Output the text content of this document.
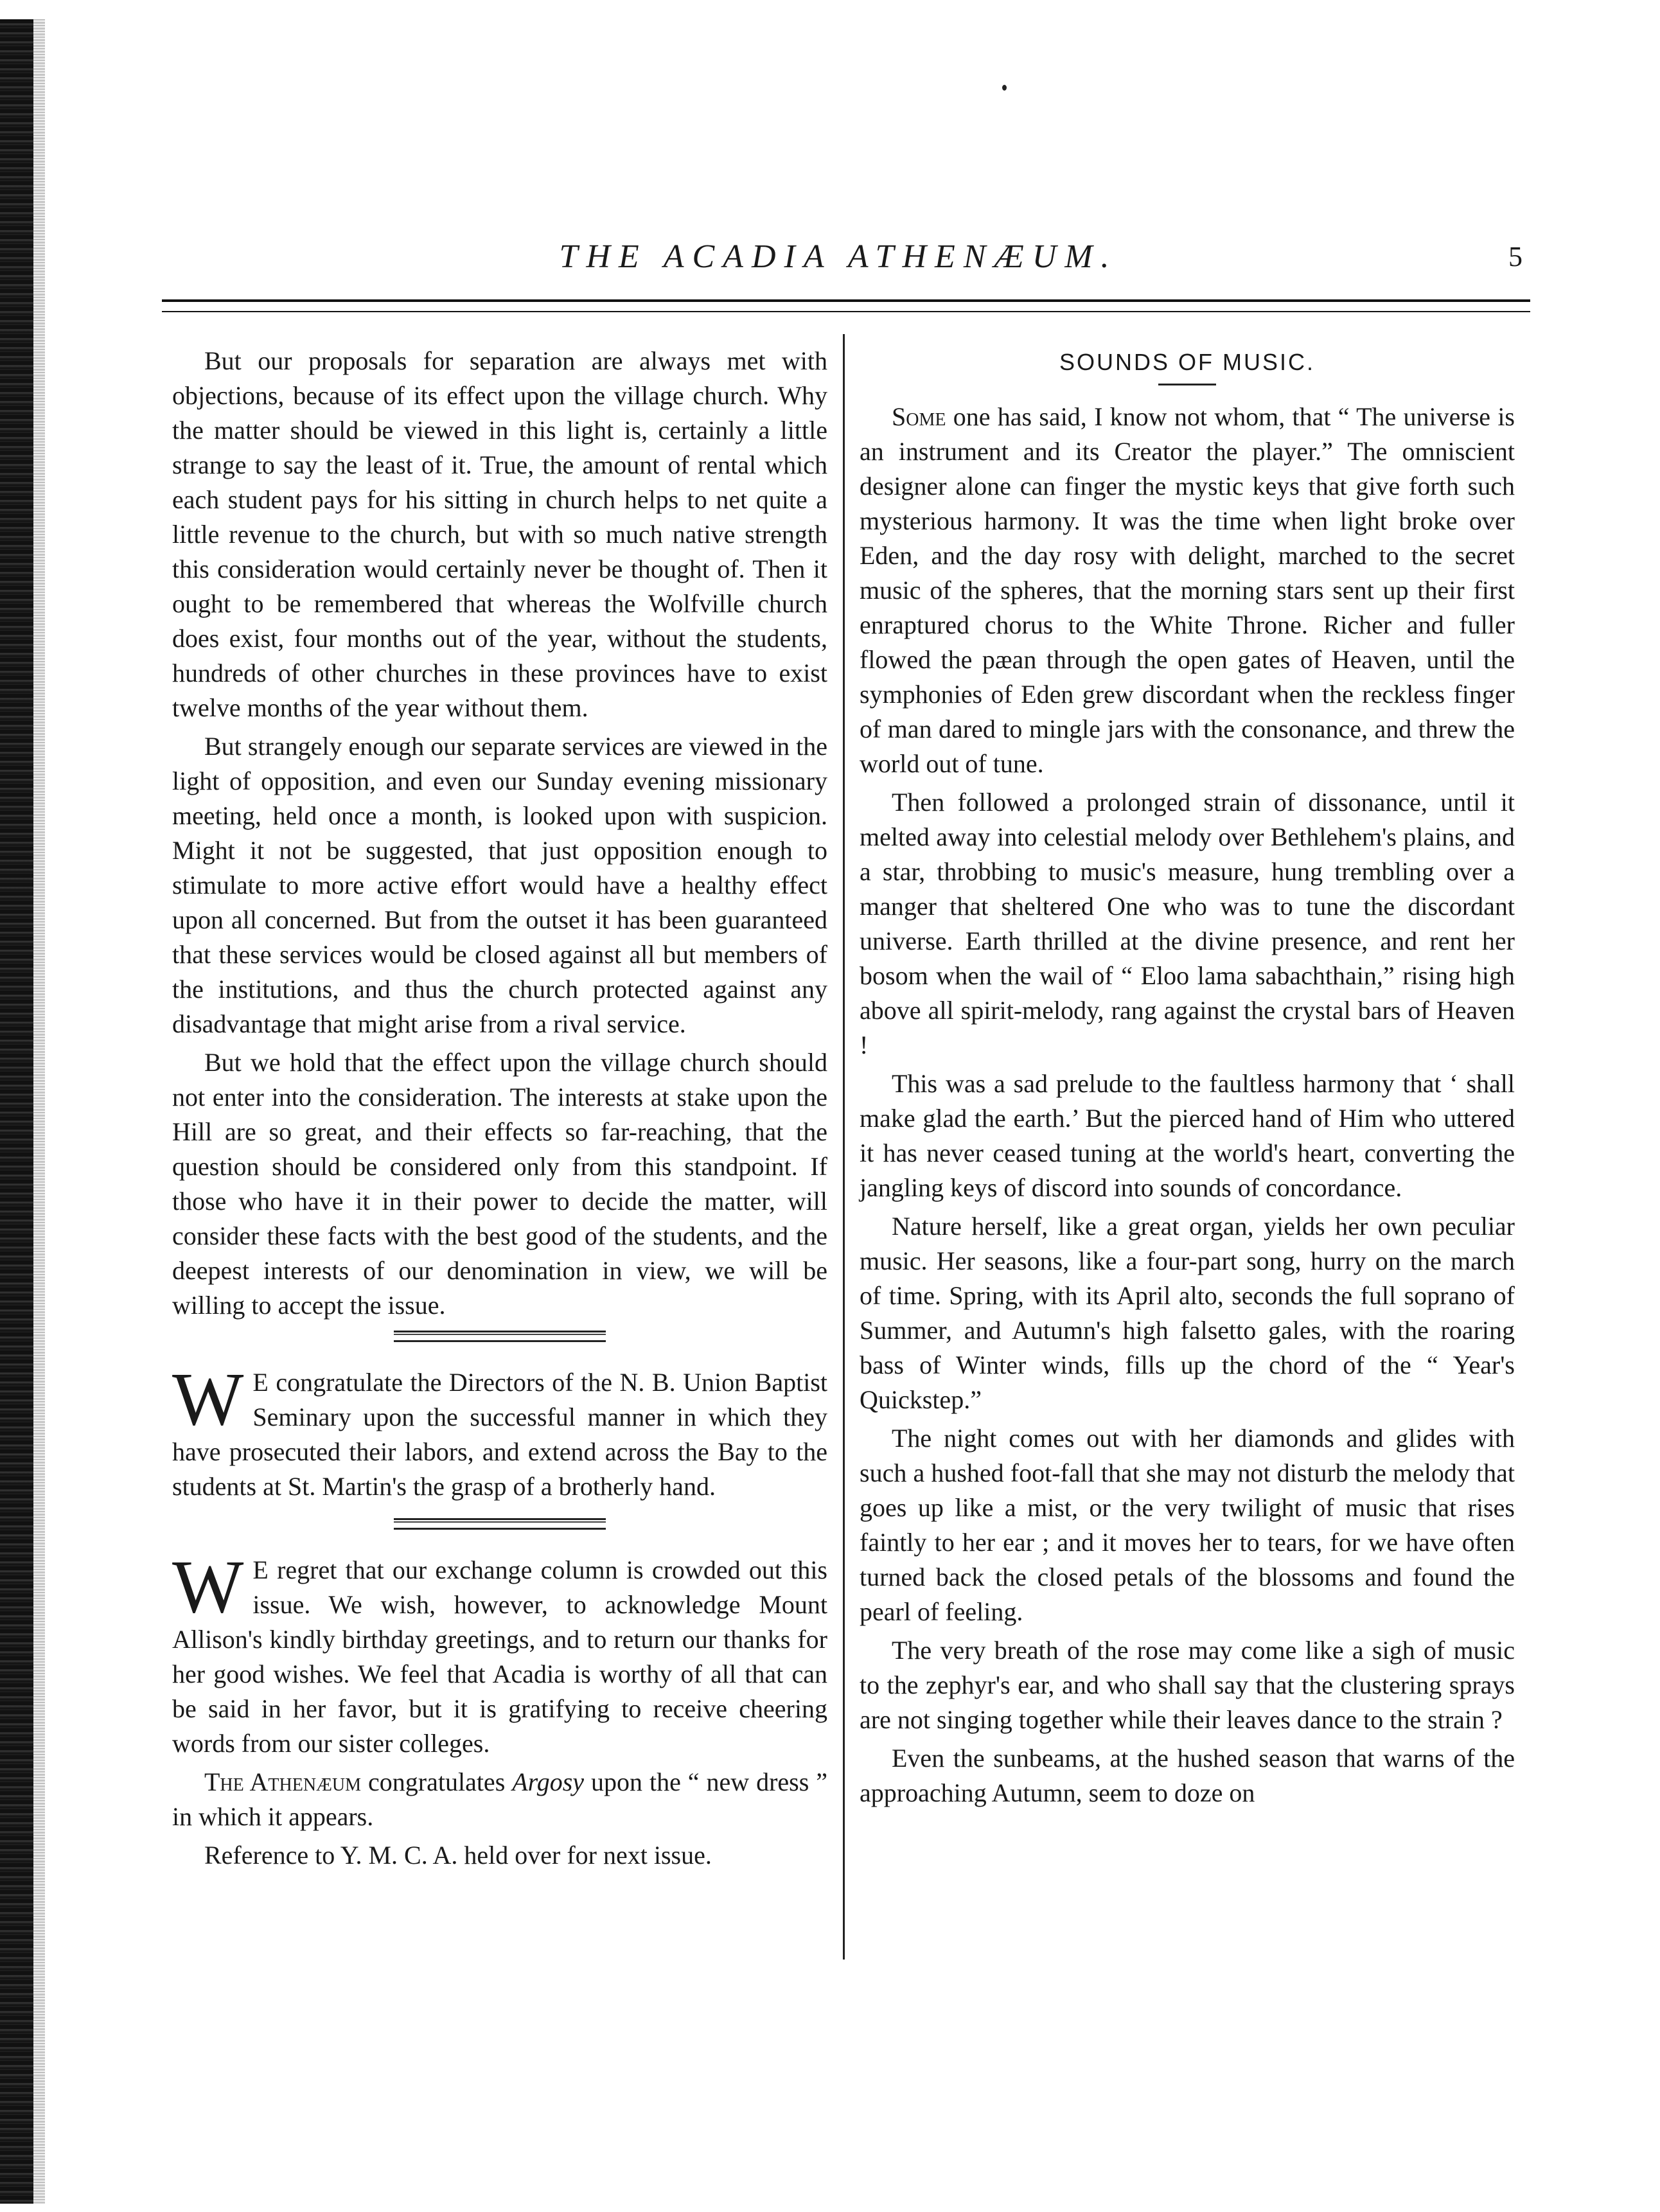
THE ACADIA ATHENÆUM.	5

But our proposals for separation are always met with objections, because of its effect upon the village church. Why the matter should be viewed in this light is, certainly a little strange to say the least of it. True, the amount of rental which each student pays for his sitting in church helps to net quite a little revenue to the church, but with so much native strength this consideration would certainly never be thought of. Then it ought to be remembered that whereas the Wolfville church does exist, four months out of the year, without the students, hundreds of other churches in these provinces have to exist twelve months of the year without them.

But strangely enough our separate services are viewed in the light of opposition, and even our Sunday evening missionary meeting, held once a month, is looked upon with suspicion. Might it not be suggested, that just opposition enough to stimulate to more active effort would have a healthy effect upon all concerned. But from the outset it has been guaranteed that these services would be closed against all but members of the institutions, and thus the church protected against any disadvantage that might arise from a rival service.

But we hold that the effect upon the village church should not enter into the consideration. The interests at stake upon the Hill are so great, and their effects so far-reaching, that the question should be considered only from this standpoint. If those who have it in their power to decide the matter, will consider these facts with the best good of the students, and the deepest interests of our denomination in view, we will be willing to accept the issue.

W E congratulate the Directors of the N. B. Union Baptist Seminary upon the successful manner in which they have prosecuted their labors, and extend across the Bay to the students at St. Martin's the grasp of a brotherly hand.

W E regret that our exchange column is crowded out this issue. We wish, however, to acknowledge Mount Allison's kindly birthday greetings, and to return our thanks for her good wishes. We feel that Acadia is worthy of all that can be said in her favor, but it is gratifying to receive cheering words from our sister colleges.

The Athenæum congratulates Argosy upon the “ new dress ” in which it appears.

Reference to Y. M. C. A. held over for next issue.

SOUNDS OF MUSIC.

Some one has said, I know not whom, that “ The universe is an instrument and its Creator the player.” The omniscient designer alone can finger the mystic keys that give forth such mysterious harmony. It was the time when light broke over Eden, and the day rosy with delight, marched to the secret music of the spheres, that the morning stars sent up their first enraptured chorus to the White Throne. Richer and fuller flowed the pæan through the open gates of Heaven, until the symphonies of Eden grew discordant when the reckless finger of man dared to mingle jars with the consonance, and threw the world out of tune.

Then followed a prolonged strain of dissonance, until it melted away into celestial melody over Bethlehem's plains, and a star, throbbing to music's measure, hung trembling over a manger that sheltered One who was to tune the discordant universe. Earth thrilled at the divine presence, and rent her bosom when the wail of “ Eloo lama sabachthain,” rising high above all spirit-melody, rang against the crystal bars of Heaven !

This was a sad prelude to the faultless harmony that ‘ shall make glad the earth.’ But the pierced hand of Him who uttered it has never ceased tuning at the world's heart, converting the jangling keys of discord into sounds of concordance.

Nature herself, like a great organ, yields her own peculiar music. Her seasons, like a four-part song, hurry on the march of time. Spring, with its April alto, seconds the full soprano of Summer, and Autumn's high falsetto gales, with the roaring bass of Winter winds, fills up the chord of the “ Year's Quickstep.”

The night comes out with her diamonds and glides with such a hushed foot-fall that she may not disturb the melody that goes up like a mist, or the very twilight of music that rises faintly to her ear ; and it moves her to tears, for we have often turned back the closed petals of the blossoms and found the pearl of feeling.

The very breath of the rose may come like a sigh of music to the zephyr's ear, and who shall say that the clustering sprays are not singing together while their leaves dance to the strain ?

Even the sunbeams, at the hushed season that warns of the approaching Autumn, seem to doze on
